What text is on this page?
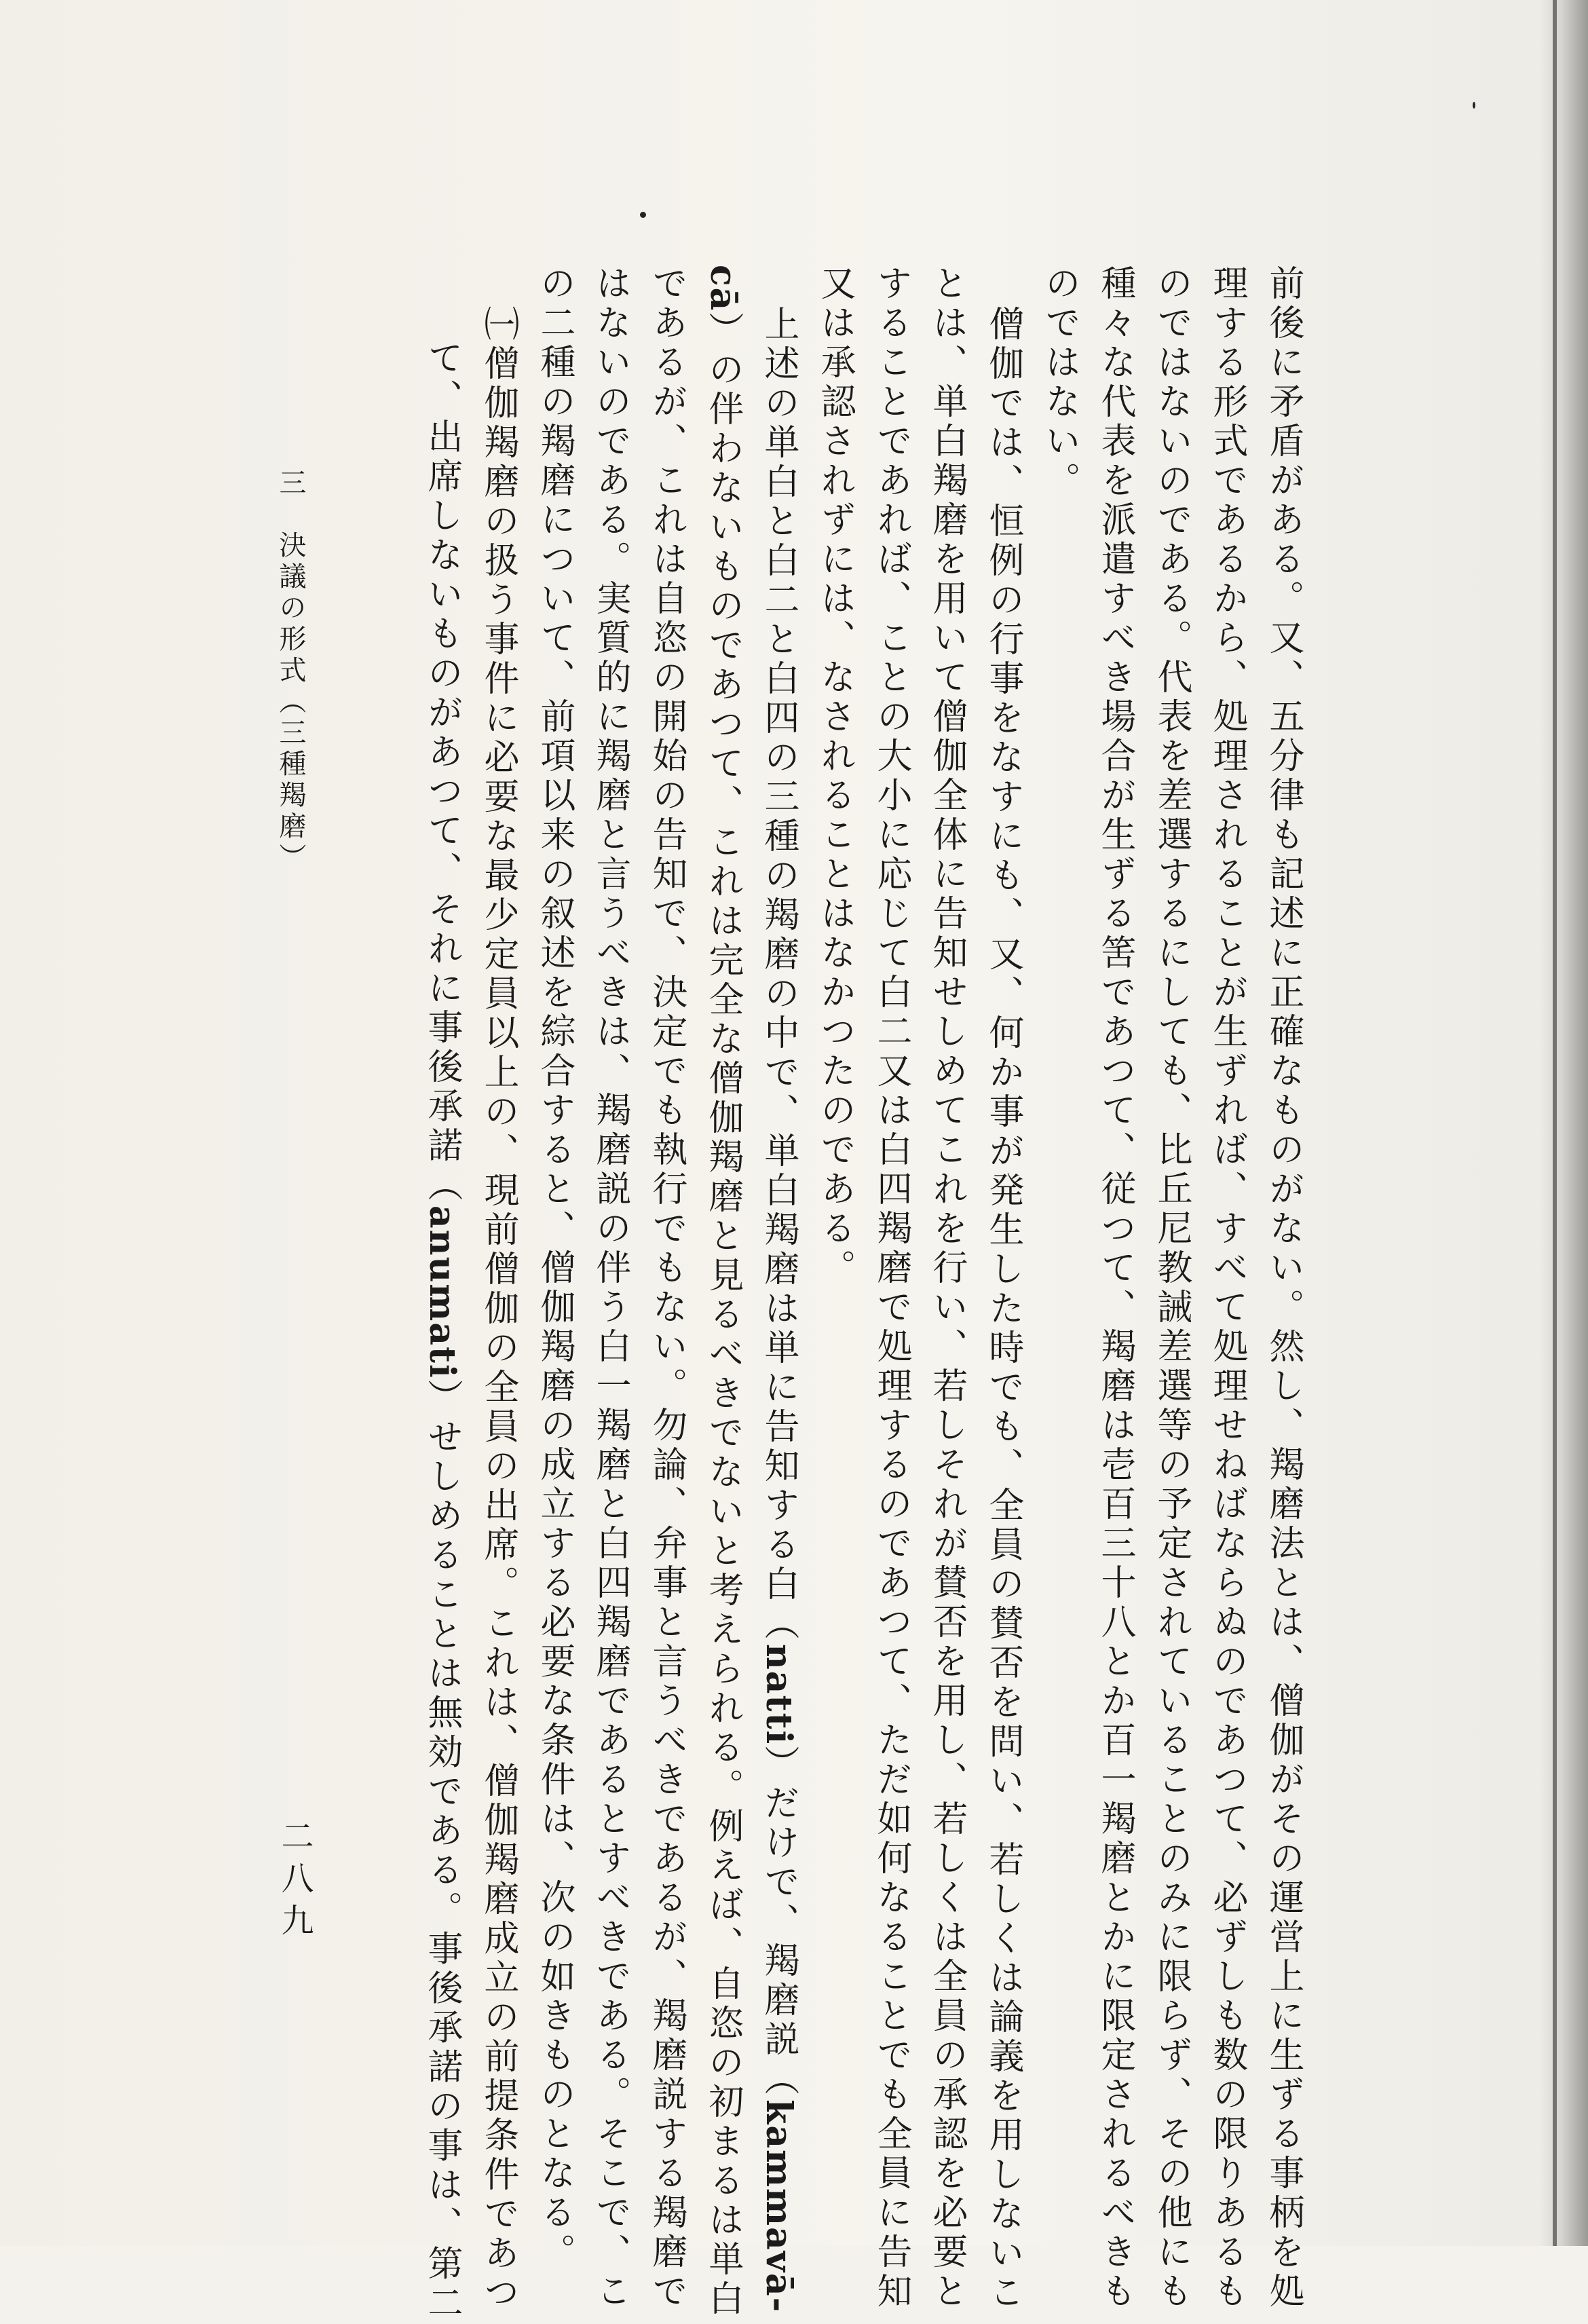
前後に矛盾がある。又、五分律も記述に正確なものがない。然し、羯磨法とは、僧伽がその運営上に生ずる事柄を処
理する形式であるから、処理されることが生ずれば、すべて処理せねばならぬのであつて、必ずしも数の限りあるも
のではないのである。代表を差選するにしても、比丘尼教誡差選等の予定されていることのみに限らず、その他にも
種々な代表を派遣すべき場合が生ずる筈であつて、従つて、羯磨は壱百三十八とか百一羯磨とかに限定されるべきも
のではない。
僧伽では、恒例の行事をなすにも、又、何か事が発生した時でも、全員の賛否を問い、若しくは論義を用しないこ
とは、単白羯磨を用いて僧伽全体に告知せしめてこれを行い、若しそれが賛否を用し、若しくは全員の承認を必要と
することであれば、ことの大小に応じて白二又は白四羯磨で処理するのであつて、ただ如何なることでも全員に告知
又は承認されずには、なされることはなかつたのである。
上述の単白と白二と白四の三種の羯磨の中で、単白羯磨は単に告知する白（natti）だけで、羯磨説（kammavā-
cā）の伴わないものであつて、これは完全な僧伽羯磨と見るべきでないと考えられる。例えば、自恣の初まるは単白
であるが、これは自恣の開始の告知で、決定でも執行でもない。勿論、弁事と言うべきであるが、羯磨説する羯磨で
はないのである。実質的に羯磨と言うべきは、羯磨説の伴う白一羯磨と白四羯磨であるとすべきである。そこで、こ
の二種の羯磨について、前項以来の叙述を綜合すると、僧伽羯磨の成立する必要な条件は、次の如きものとなる。
㈠僧伽羯磨の扱う事件に必要な最少定員以上の、現前僧伽の全員の出席。これは、僧伽羯磨成立の前提条件であつ
て、出席しないものがあつて、それに事後承諾（anumati）せしめることは無効である。事後承諾の事は、第二
三　決議の形式（三種羯磨）
二八九
